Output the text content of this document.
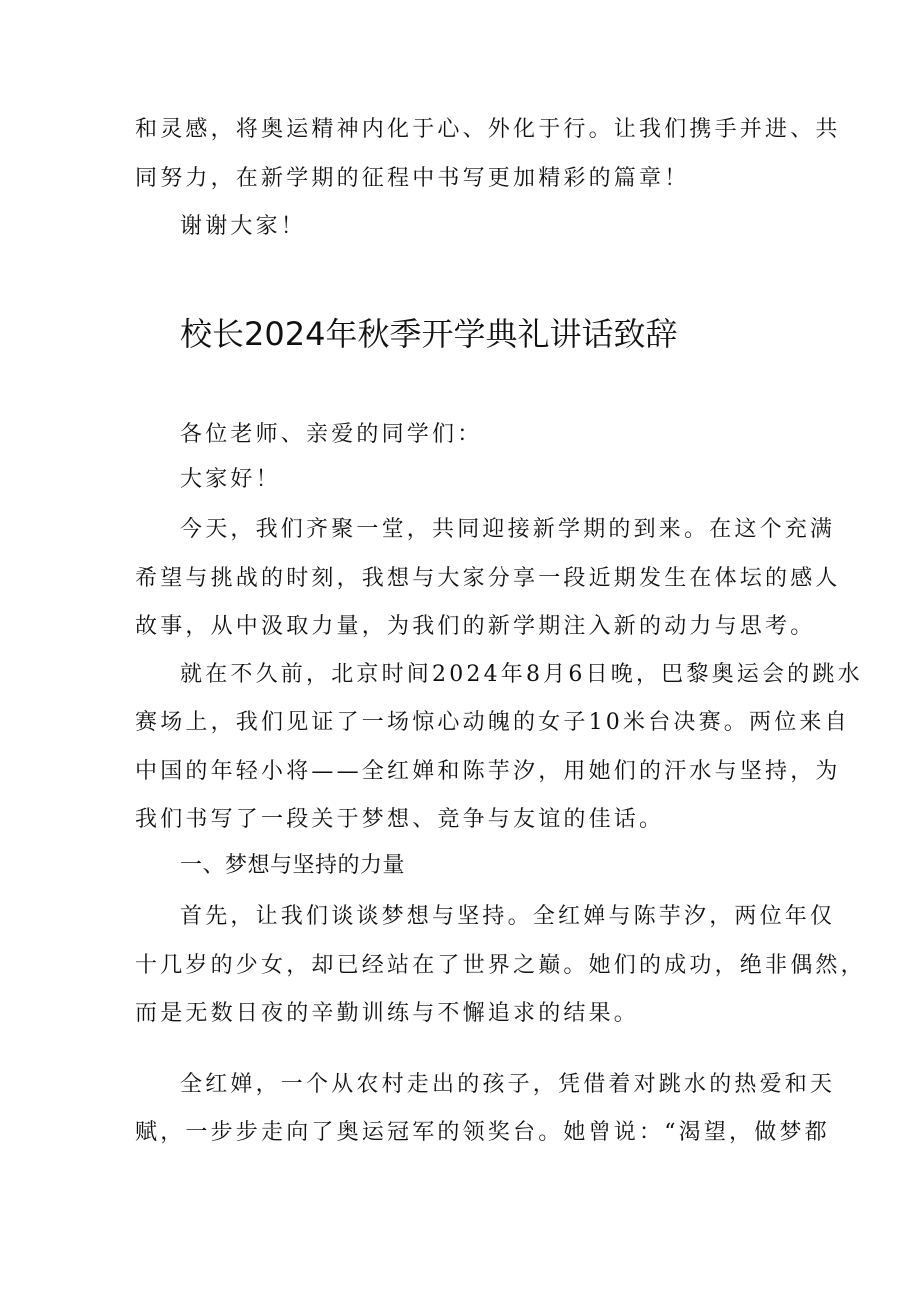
和灵感，将奥运精神内化于心、外化于行。让我们携手并进、共
同努力，在新学期的征程中书写更加精彩的篇章！
谢谢大家！
校长2024年秋季开学典礼讲话致辞
各位老师、亲爱的同学们：
大家好！
今天，我们齐聚一堂，共同迎接新学期的到来。在这个充满
希望与挑战的时刻，我想与大家分享一段近期发生在体坛的感人
故事，从中汲取力量，为我们的新学期注入新的动力与思考。
就在不久前，北京时间2024年8月6日晚，巴黎奥运会的跳水
赛场上，我们见证了一场惊心动魄的女子10米台决赛。两位来自
中国的年轻小将——全红婵和陈芋汐，用她们的汗水与坚持，为
我们书写了一段关于梦想、竞争与友谊的佳话。
一、梦想与坚持的力量
首先，让我们谈谈梦想与坚持。全红婵与陈芋汐，两位年仅
十几岁的少女，却已经站在了世界之巅。她们的成功，绝非偶然，
而是无数日夜的辛勤训练与不懈追求的结果。
全红婵，一个从农村走出的孩子，凭借着对跳水的热爱和天
赋，一步步走向了奥运冠军的领奖台。她曾说：“渴望，做梦都
